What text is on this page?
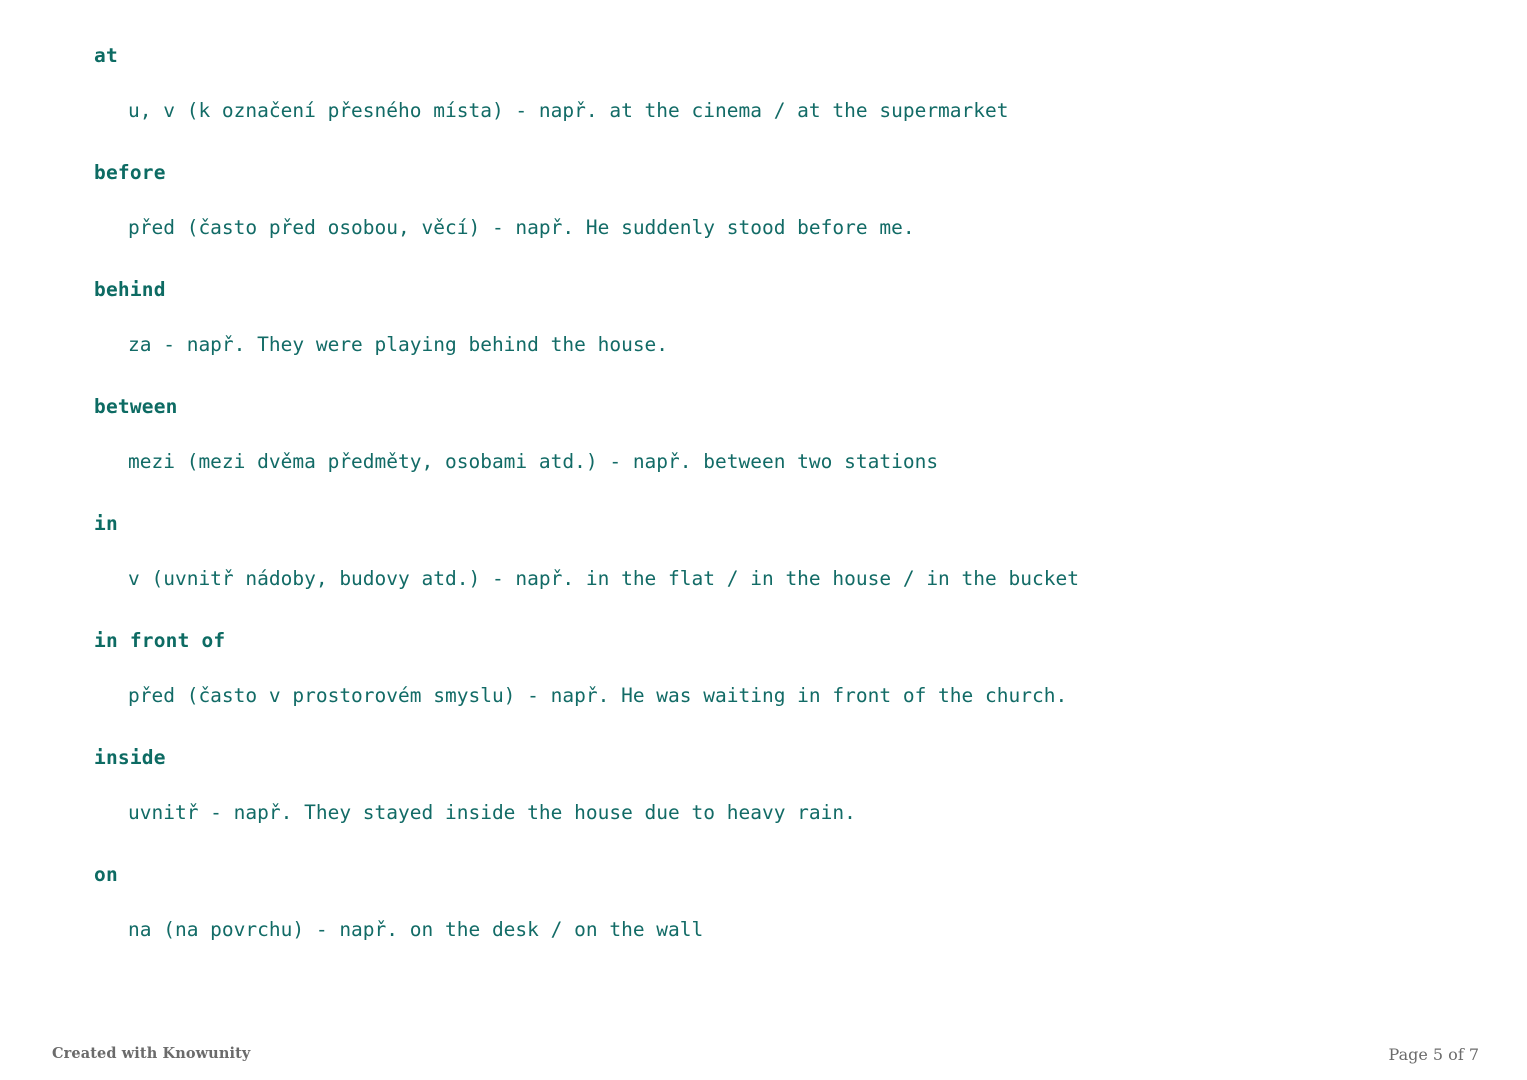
at
u, v (k označení přesného místa) - např. at the cinema / at the supermarket
before
před (často před osobou, věcí) - např. He suddenly stood before me.
behind
za - např. They were playing behind the house.
between
mezi (mezi dvěma předměty, osobami atd.) - např. between two stations
in
v (uvnitř nádoby, budovy atd.) - např. in the flat / in the house / in the bucket
in front of
před (často v prostorovém smyslu) - např. He was waiting in front of the church.
inside
uvnitř - např. They stayed inside the house due to heavy rain.
on
na (na povrchu) - např. on the desk / on the wall
Created with Knowunity	Page 5 of 7
